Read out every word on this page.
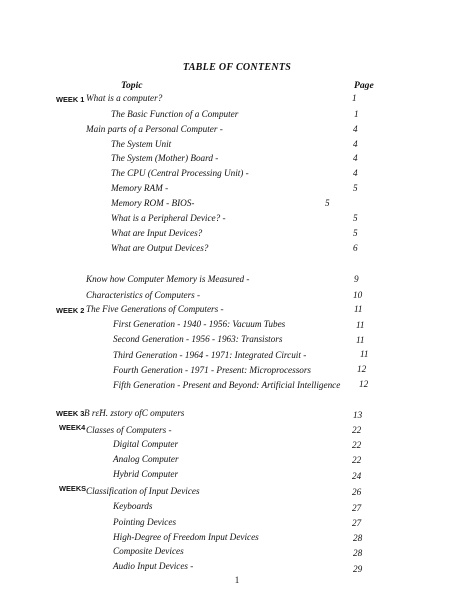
TABLE OF CONTENTS
Topic	Page
WEEK 1 What is a computer?	1
The Basic Function of a Computer	1
Main parts of a Personal Computer -	4
The System Unit	4
The System (Mother) Board -	4
The CPU (Central Processing Unit) -	4
Memory RAM -	5
Memory ROM - BIOS-	5
What is a Peripheral Device? -	5
What are Input Devices?	5
What are Output Devices?	6
Know how Computer Memory is Measured -	9
Characteristics of Computers -	10
WEEK 2 The Five Generations of Computers -	11
First Generation - 1940 - 1956: Vacuum Tubes	11
Second Generation - 1956 - 1963: Transistors	11
Third Generation - 1964 - 1971: Integrated Circuit -	11
Fourth Generation - 1971 - Present: Microprocessors	12
Fifth Generation - Present and Beyond: Artificial Intelligence 12
WEEK 3 B rɛ̃H. zstory ofC omputers	13
WEEK4 Classes of Computers -	22
Digital Computer	22
Analog Computer	22
Hybrid Computer	24
WEEKS Classification of Input Devices	26
Keyboards	27
Pointing Devices	27
High-Degree of Freedom Input Devices	28
Composite Devices	28
Audio Input Devices -	29
1
